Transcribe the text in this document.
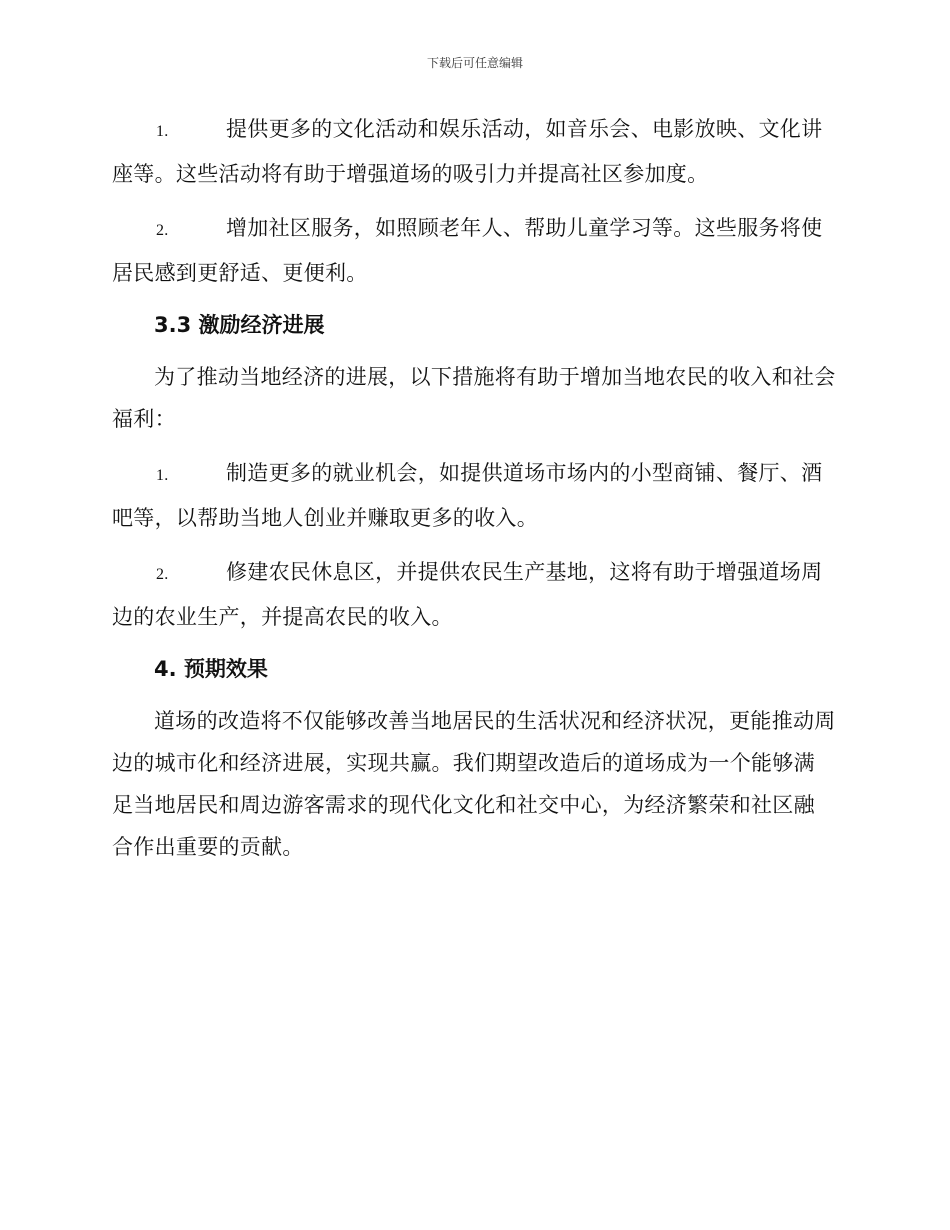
下载后可任意编辑

1.	提供更多的文化活动和娱乐活动，如音乐会、电影放映、文化讲座等。这些活动将有助于增强道场的吸引力并提高社区参加度。

2.	增加社区服务，如照顾老年人、帮助儿童学习等。这些服务将使居民感到更舒适、更便利。

3.3 激励经济进展

为了推动当地经济的进展，以下措施将有助于增加当地农民的收入和社会福利：

1.	制造更多的就业机会，如提供道场市场内的小型商铺、餐厅、酒吧等，以帮助当地人创业并赚取更多的收入。

2.	修建农民休息区，并提供农民生产基地，这将有助于增强道场周边的农业生产，并提高农民的收入。

4. 预期效果

道场的改造将不仅能够改善当地居民的生活状况和经济状况，更能推动周边的城市化和经济进展，实现共赢。我们期望改造后的道场成为一个能够满足当地居民和周边游客需求的现代化文化和社交中心，为经济繁荣和社区融合作出重要的贡献。
